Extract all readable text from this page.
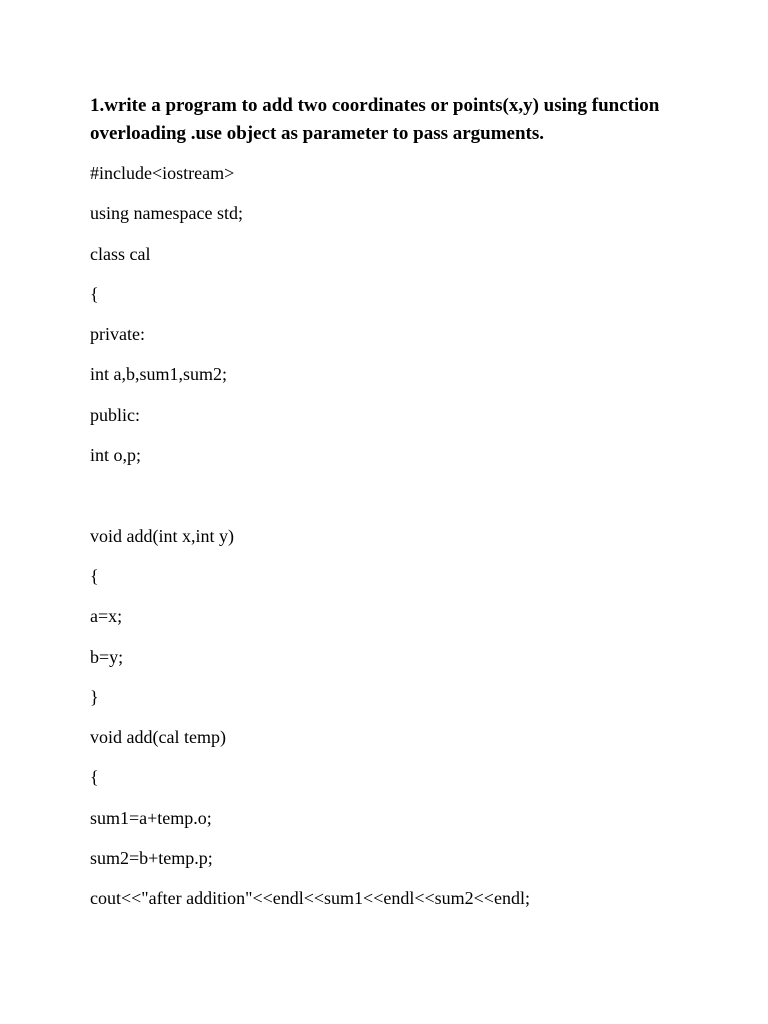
1.write a program to add two coordinates or points(x,y) using function overloading .use object as parameter to pass arguments.

#include<iostream>
using namespace std;
class cal
{
private:
int a,b,sum1,sum2;
public:
int o,p;
void add(int x,int y)
{
a=x;
b=y;
}
void add(cal temp)
{
sum1=a+temp.o;
sum2=b+temp.p;
cout<<"after addition"<<endl<<sum1<<endl<<sum2<<endl;
